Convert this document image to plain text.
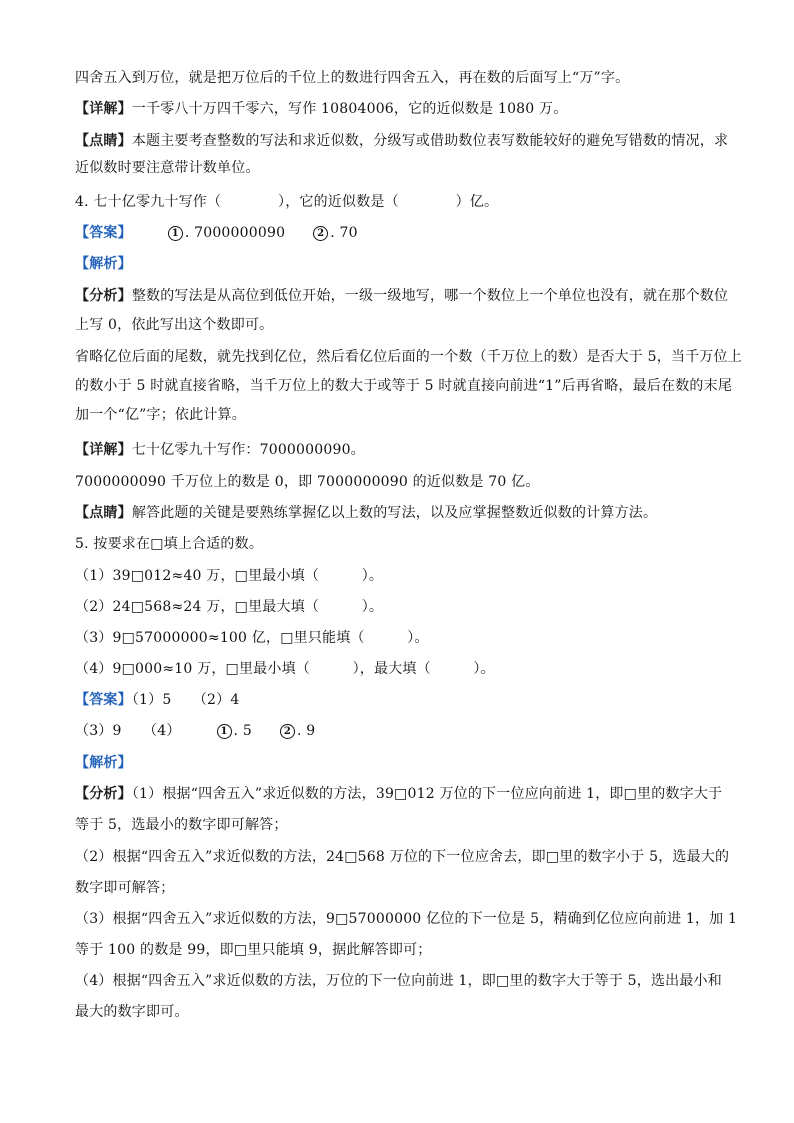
四舍五入到万位，就是把万位后的千位上的数进行四舍五入，再在数的后面写上“万”字。
【详解】一千零八十万四千零六，写作 10804006，它的近似数是 1080 万。
【点睛】本题主要考查整数的写法和求近似数，分级写或借助数位表写数能较好的避免写错数的情况，求
近似数时要注意带计数单位。
4. 七十亿零九十写作（　　　　），它的近似数是（　　　　）亿。
【答案】	1 . 7000000090	2 . 70
【解析】
【分析】整数的写法是从高位到低位开始，一级一级地写，哪一个数位上一个单位也没有，就在那个数位
上写 0，依此写出这个数即可。
省略亿位后面的尾数，就先找到亿位，然后看亿位后面的一个数（千万位上的数）是否大于 5，当千万位上
的数小于 5 时就直接省略，当千万位上的数大于或等于 5 时就直接向前进“1”后再省略，最后在数的末尾
加一个“亿”字；依此计算。
【详解】七十亿零九十写作：7000000090。
7000000090 千万位上的数是 0，即 7000000090 的近似数是 70 亿。
【点睛】解答此题的关键是要熟练掌握亿以上数的写法，以及应掌握整数近似数的计算方法。
5. 按要求在□填上合适的数。
（1）39□012≈40 万，□里最小填（　　　）。
（2）24□568≈24 万，□里最大填（　　　）。
（3）9□57000000≈100 亿，□里只能填（　　　）。
（4）9□000≈10 万，□里最小填（　　　），最大填（　　　）。
【答案】（1）5　　（2）4
（3）9　　（4）	1 . 5	2 . 9
【解析】
【分析】（1）根据“四舍五入”求近似数的方法，39□012 万位的下一位应向前进 1，即□里的数字大于
等于 5，选最小的数字即可解答；
（2）根据“四舍五入”求近似数的方法，24□568 万位的下一位应舍去，即□里的数字小于 5，选最大的
数字即可解答；
（3）根据“四舍五入”求近似数的方法，9□57000000 亿位的下一位是 5，精确到亿位应向前进 1，加 1
等于 100 的数是 99，即□里只能填 9，据此解答即可；
（4）根据“四舍五入”求近似数的方法，万位的下一位向前进 1，即□里的数字大于等于 5，选出最小和
最大的数字即可。
